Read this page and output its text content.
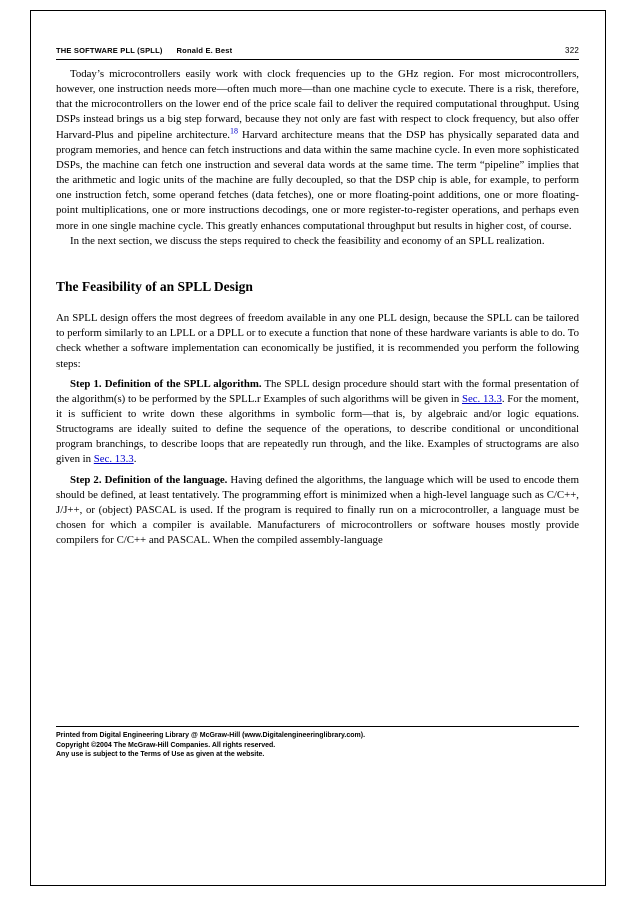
THE SOFTWARE PLL (SPLL) Ronald E. Best	322

Today’s microcontrollers easily work with clock frequencies up to the GHz region. For most microcontrollers, however, one instruction needs more—often much more—than one machine cycle to execute. There is a risk, therefore, that the microcontrollers on the lower end of the price scale fail to deliver the required computational throughput. Using DSPs instead brings us a big step forward, because they not only are fast with respect to clock frequency, but also offer Harvard-Plus and pipeline architecture.$^{18}$ Harvard architecture means that the DSP has physically separated data and program memories, and hence can fetch instructions and data within the same machine cycle. In even more sophisticated DSPs, the machine can fetch one instruction and several data words at the same time. The term “pipeline” implies that the arithmetic and logic units of the machine are fully decoupled, so that the DSP chip is able, for example, to perform one instruction fetch, some operand fetches (data fetches), one or more floating-point additions, one or more floating-point multiplications, one or more instructions decodings, one or more register-to-register operations, and perhaps even more in one single machine cycle. This greatly enhances computational throughput but results in higher cost, of course.

In the next section, we discuss the steps required to check the feasibility and economy of an SPLL realization.

The Feasibility of an SPLL Design

An SPLL design offers the most degrees of freedom available in any one PLL design, because the SPLL can be tailored to perform similarly to an LPLL or a DPLL or to execute a function that none of these hardware variants is able to do. To check whether a software implementation can economically be justified, it is recommended you perform the following steps:

Step 1. Definition of the SPLL algorithm. The SPLL design procedure should start with the formal presentation of the algorithm(s) to be performed by the SPLL.r Examples of such algorithms will be given in Sec. 13.3. For the moment, it is sufficient to write down these algorithms in symbolic form—that is, by algebraic and/or logic equations. Structograms are ideally suited to define the sequence of the operations, to describe conditional or unconditional program branchings, to describe loops that are repeatedly run through, and the like. Examples of structograms are also given in Sec. 13.3.

Step 2. Definition of the language. Having defined the algorithms, the language which will be used to encode them should be defined, at least tentatively. The programming effort is minimized when a high-level language such as C/C++, J/J++, or (object) PASCAL is used. If the program is required to finally run on a microcontroller, a language must be chosen for which a compiler is available. Manufacturers of microcontrollers or software houses mostly provide compilers for C/C++ and PASCAL. When the compiled assembly-language

Printed from Digital Engineering Library @ McGraw-Hill (www.Digitalengineeringlibrary.com).
Copyright ©2004 The McGraw-Hill Companies. All rights reserved.
Any use is subject to the Terms of Use as given at the website.
